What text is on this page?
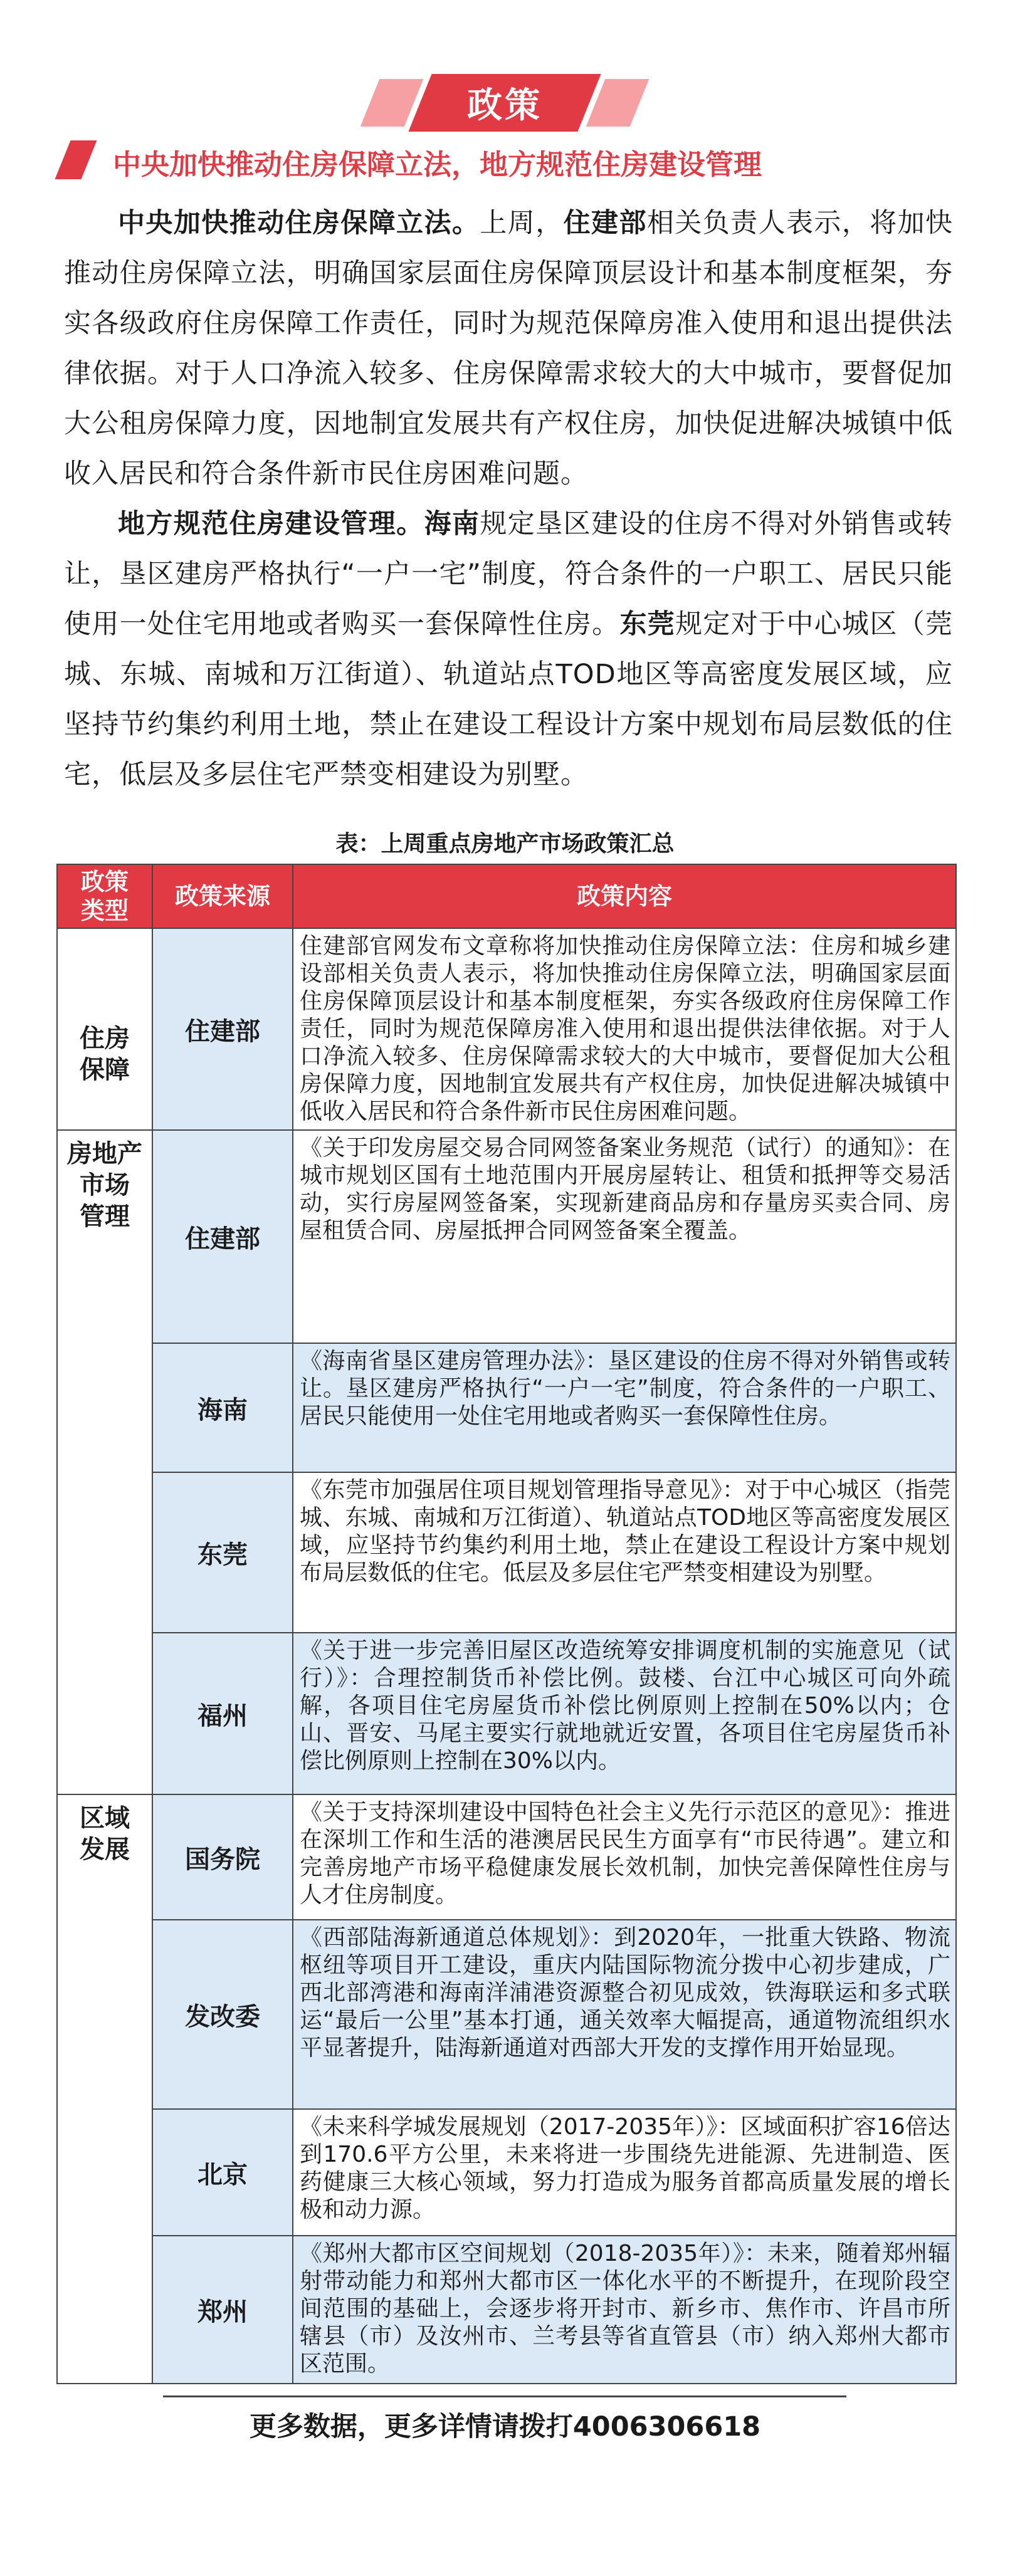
政策
中央加快推动住房保障立法，地方规范住房建设管理
中央加快推动住房保障立法。上周，住建部相关负责人表示，将加快推动住房保障立法，明确国家层面住房保障顶层设计和基本制度框架，夯实各级政府住房保障工作责任，同时为规范保障房准入使用和退出提供法律依据。对于人口净流入较多、住房保障需求较大的大中城市，要督促加大公租房保障力度，因地制宜发展共有产权住房，加快促进解决城镇中低收入居民和符合条件新市民住房困难问题。
地方规范住房建设管理。海南规定垦区建设的住房不得对外销售或转让，垦区建房严格执行“一户一宅”制度，符合条件的一户职工、居民只能使用一处住宅用地或者购买一套保障性住房。东莞规定对于中心城区（莞城、东城、南城和万江街道）、轨道站点TOD地区等高密度发展区域，应坚持节约集约利用土地，禁止在建设工程设计方案中规划布局层数低的住宅，低层及多层住宅严禁变相建设为别墅。
表：上周重点房地产市场政策汇总
政策
类型	政策来源	政策内容
住房
保障	住建部	住建部官网发布文章称将加快推动住房保障立法：住房和城乡建设部相关负责人表示，将加快推动住房保障立法，明确国家层面住房保障顶层设计和基本制度框架，夯实各级政府住房保障工作责任，同时为规范保障房准入使用和退出提供法律依据。对于人口净流入较多、住房保障需求较大的大中城市，要督促加大公租房保障力度，因地制宜发展共有产权住房，加快促进解决城镇中低收入居民和符合条件新市民住房困难问题。
房地产
市场
管理	住建部	《关于印发房屋交易合同网签备案业务规范（试行）的通知》：在城市规划区国有土地范围内开展房屋转让、租赁和抵押等交易活动，实行房屋网签备案，实现新建商品房和存量房买卖合同、房屋租赁合同、房屋抵押合同网签备案全覆盖。
	海南	《海南省垦区建房管理办法》：垦区建设的住房不得对外销售或转让。垦区建房严格执行“一户一宅”制度，符合条件的一户职工、居民只能使用一处住宅用地或者购买一套保障性住房。
	东莞	《东莞市加强居住项目规划管理指导意见》：对于中心城区（指莞城、东城、南城和万江街道）、轨道站点TOD地区等高密度发展区域，应坚持节约集约利用土地，禁止在建设工程设计方案中规划布局层数低的住宅。低层及多层住宅严禁变相建设为别墅。
	福州	《关于进一步完善旧屋区改造统筹安排调度机制的实施意见（试行）》：合理控制货币补偿比例。鼓楼、台江中心城区可向外疏解，各项目住宅房屋货币补偿比例原则上控制在50%以内；仓山、晋安、马尾主要实行就地就近安置，各项目住宅房屋货币补偿比例原则上控制在30%以内。
区域
发展	国务院	《关于支持深圳建设中国特色社会主义先行示范区的意见》：推进在深圳工作和生活的港澳居民民生方面享有“市民待遇”。建立和完善房地产市场平稳健康发展长效机制，加快完善保障性住房与人才住房制度。
	发改委	《西部陆海新通道总体规划》：到2020年，一批重大铁路、物流枢纽等项目开工建设，重庆内陆国际物流分拨中心初步建成，广西北部湾港和海南洋浦港资源整合初见成效，铁海联运和多式联运“最后一公里”基本打通，通关效率大幅提高，通道物流组织水平显著提升，陆海新通道对西部大开发的支撑作用开始显现。
	北京	《未来科学城发展规划（2017-2035年）》：区域面积扩容16倍达到170.6平方公里，未来将进一步围绕先进能源、先进制造、医药健康三大核心领域，努力打造成为服务首都高质量发展的增长极和动力源。
	郑州	《郑州大都市区空间规划（2018-2035年）》：未来，随着郑州辐射带动能力和郑州大都市区一体化水平的不断提升，在现阶段空间范围的基础上，会逐步将开封市、新乡市、焦作市、许昌市所辖县（市）及汝州市、兰考县等省直管县（市）纳入郑州大都市区范围。
更多数据，更多详情请拨打4006306618
